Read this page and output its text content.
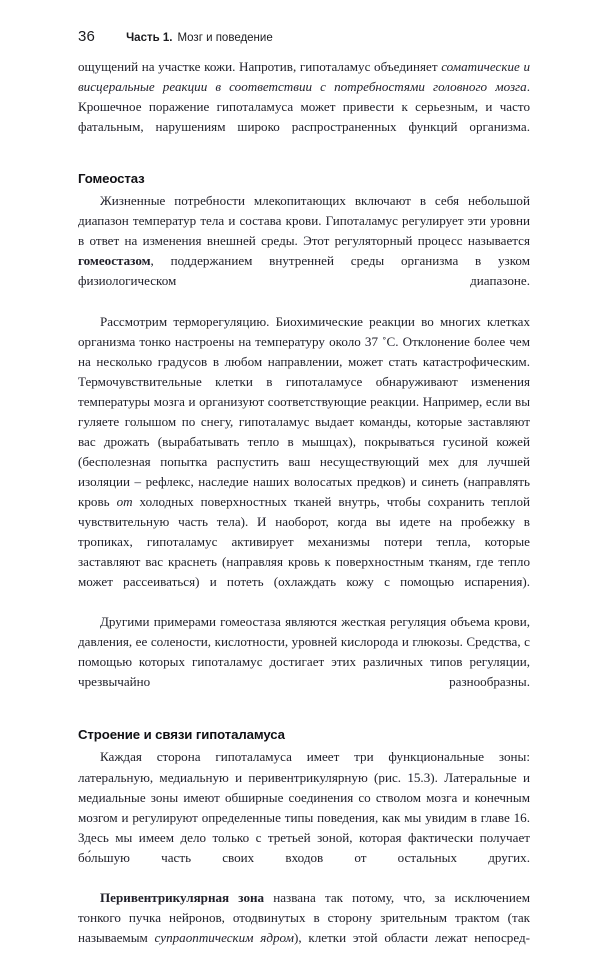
36	Часть 1. Мозг и поведение

ощущений на участке кожи. Напротив, гипоталамус объединяет соматические и висцеральные реакции в соответствии с потребностями головного мозга. Крошечное поражение гипоталамуса может привести к серьезным, и часто фатальным, нарушениям широко распространенных функций организма.

Гомеостаз

Жизненные потребности млекопитающих включают в себя небольшой диапазон температур тела и состава крови. Гипоталамус регулирует эти уровни в ответ на изменения внешней среды. Этот регуляторный процесс называется гомеостазом, поддержанием внутренней среды организма в узком физиологическом диапазоне.

Рассмотрим терморегуляцию. Биохимические реакции во многих клетках организма тонко настроены на температуру около 37 ˚С. Отклонение более чем на несколько градусов в любом направлении, может стать катастрофическим. Термочувствительные клетки в гипоталамусе обнаруживают изменения температуры мозга и организуют соответствующие реакции. Например, если вы гуляете голышом по снегу, гипоталамус выдает команды, которые заставляют вас дрожать (вырабатывать тепло в мышцах), покрываться гусиной кожей (бесполезная попытка распустить ваш несуществующий мех для лучшей изоляции – рефлекс, наследие наших волосатых предков) и синеть (направлять кровь от холодных поверхностных тканей внутрь, чтобы сохранить теплой чувствительную часть тела). И наоборот, когда вы идете на пробежку в тропиках, гипоталамус активирует механизмы потери тепла, которые заставляют вас краснеть (направляя кровь к поверхностным тканям, где тепло может рассеиваться) и потеть (охлаждать кожу с помощью испарения).

Другими примерами гомеостаза являются жесткая регуляция объема крови, давления, ее солености, кислотности, уровней кислорода и глюкозы. Средства, с помощью которых гипоталамус достигает этих различных типов регуляции, чрезвычайно разнообразны.

Строение и связи гипоталамуса

Каждая сторона гипоталамуса имеет три функциональные зоны: латеральную, медиальную и перивентрикулярную (рис. 15.3). Латеральные и медиальные зоны имеют обширные соединения со стволом мозга и конечным мозгом и регулируют определенные типы поведения, как мы увидим в главе 16. Здесь мы имеем дело только с третьей зоной, которая фактически получает бо́льшую часть своих входов от остальных других.

Перивентрикулярная зона названа так потому, что, за исключением тонкого пучка нейронов, отодвинутых в сторону зрительным трактом (так называемым супраоптическим ядром), клетки этой области лежат непосред-
